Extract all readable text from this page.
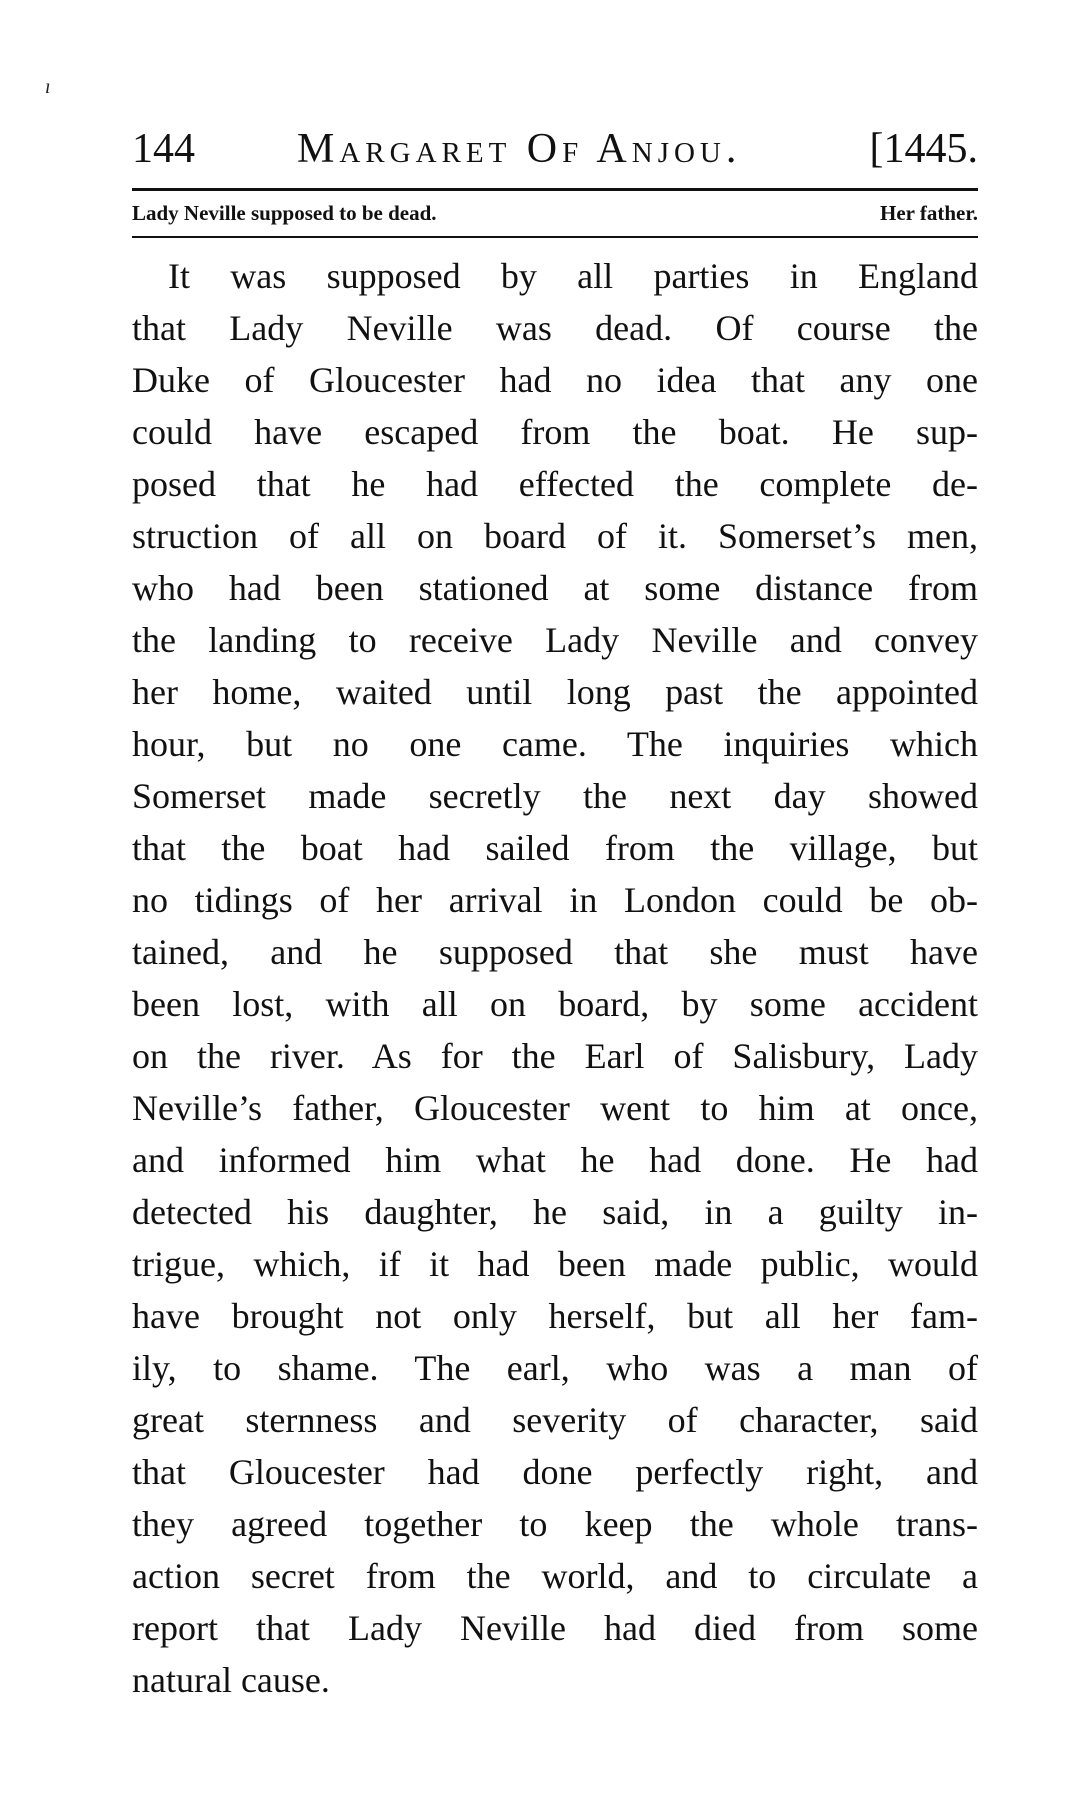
ı
144 Margaret Of Anjou.	[1445.
Lady Neville supposed to be dead.	Her father.
It was supposed by all parties in England
that Lady Neville was dead. Of course the
Duke of Gloucester had no idea that any one
could have escaped from the boat. He sup-
posed that he had effected the complete de-
struction of all on board of it. Somerset’s men,
who had been stationed at some distance from
the landing to receive Lady Neville and convey
her home, waited until long past the appointed
hour, but no one came. The inquiries which
Somerset made secretly the next day showed
that the boat had sailed from the village, but
no tidings of her arrival in London could be ob-
tained, and he supposed that she must have
been lost, with all on board, by some accident
on the river. As for the Earl of Salisbury, Lady
Neville’s father, Gloucester went to him at once,
and informed him what he had done. He had
detected his daughter, he said, in a guilty in-
trigue, which, if it had been made public, would
have brought not only herself, but all her fam-
ily, to shame. The earl, who was a man of
great sternness and severity of character, said
that Gloucester had done perfectly right, and
they agreed together to keep the whole trans-
action secret from the world, and to circulate a
report that Lady Neville had died from some
natural cause.
